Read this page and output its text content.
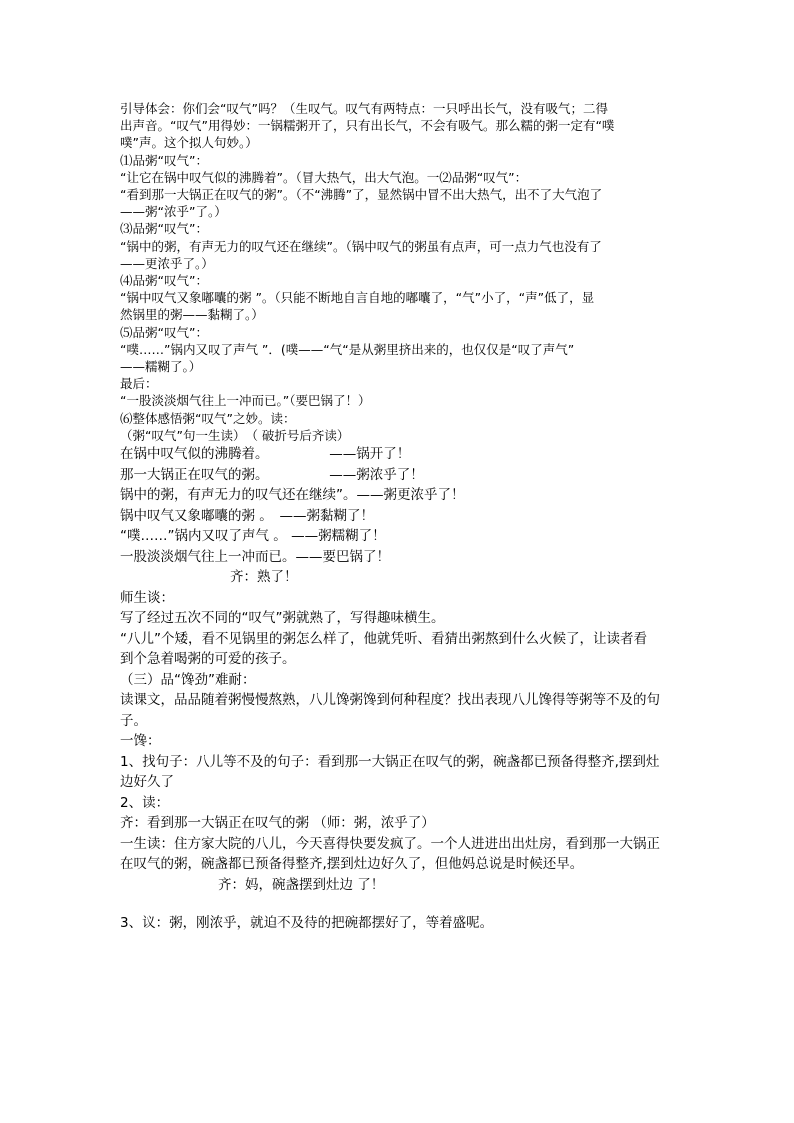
引导体会：你们会“叹气”吗？（生叹气。叹气有两特点：一只呼出长气，没有吸气；二得
出声音。“叹气”用得妙：一锅糯粥开了，只有出长气，不会有吸气。那么糯的粥一定有“噗
噗”声。这个拟人句妙。）
⑴品粥“叹气”：
“让它在锅中叹气似的沸腾着”。（冒大热气，出大气泡。一⑵品粥“叹气”：
“看到那一大锅正在叹气的粥”。（不“沸腾”了，显然锅中冒不出大热气，出不了大气泡了
——粥“浓乎”了。）
⑶品粥“叹气”：
“锅中的粥，有声无力的叹气还在继续”。（锅中叹气的粥虽有点声，可一点力气也没有了
——更浓乎了。）
⑷品粥“叹气”：
“锅中叹气又象嘟囔的粥 ”。（只能不断地自言自地的嘟囔了，“气”小了，“声”低了，显
然锅里的粥——黏糊了。）
⑸品粥“叹气”：
“噗……”锅内又叹了声气 ”．(噗——“气“是从粥里挤出来的，也仅仅是“叹了声气”
——糯糊了。）
最后：
“一股淡淡烟气往上一冲而已。”（要巴锅了！）
⑹整体感悟粥“叹气”之妙。读：
（粥“叹气”句一生读）　（ 破折号后齐读）
在锅中叹气似的沸腾着。　　　　　——锅开了！
那一大锅正在叹气的粥。　　　　　——粥浓乎了！
锅中的粥，有声无力的叹气还在继续”。——粥更浓乎了！
锅中叹气又象嘟囔的粥 。　——粥黏糊了！
“噗……”锅内又叹了声气 。 ——粥糯糊了！
一股淡淡烟气往上一冲而已。——要巴锅了！
齐：熟了！
师生谈：
写了经过五次不同的“叹气”粥就熟了，写得趣味横生。
“八儿”个矮，看不见锅里的粥怎么样了，他就凭听、看猜出粥熬到什么火候了，让读者看
到个急着喝粥的可爱的孩子。
（三）品“馋劲”难耐：
读课文，品品随着粥慢慢熬熟，八儿馋粥馋到何种程度？找出表现八儿馋得等粥等不及的句
子。
一馋：
1、找句子：八儿等不及的句子：看到那一大锅正在叹气的粥，碗盏都已预备得整齐,摆到灶
边好久了
2、读：
齐：看到那一大锅正在叹气的粥 （师：粥，浓乎了）
一生读：住方家大院的八儿，今天喜得快要发疯了。一个人进进出出灶房，看到那一大锅正
在叹气的粥，碗盏都已预备得整齐,摆到灶边好久了，但他妈总说是时候还早。
齐：妈，碗盏摆到灶边 了！
3、议：粥，刚浓乎，就迫不及待的把碗都摆好了，等着盛呢。
